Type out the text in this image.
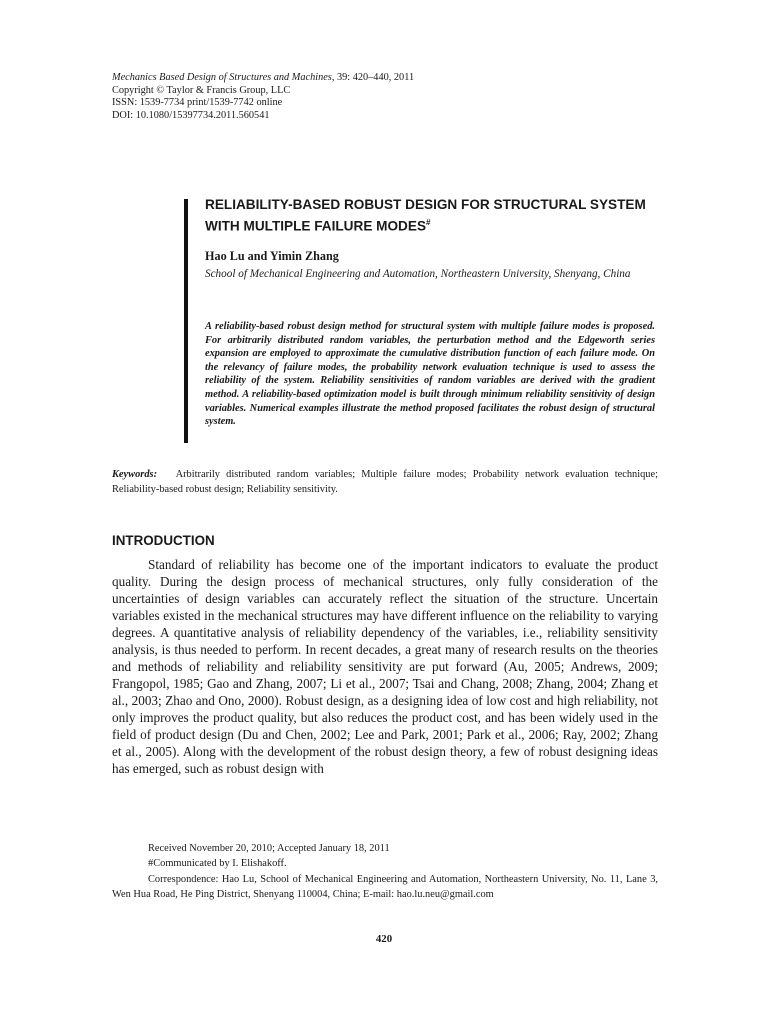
Mechanics Based Design of Structures and Machines, 39: 420–440, 2011
Copyright © Taylor & Francis Group, LLC
ISSN: 1539-7734 print/1539-7742 online
DOI: 10.1080/15397734.2011.560541
RELIABILITY-BASED ROBUST DESIGN FOR STRUCTURAL SYSTEM WITH MULTIPLE FAILURE MODES#
Hao Lu and Yimin Zhang
School of Mechanical Engineering and Automation, Northeastern University, Shenyang, China
A reliability-based robust design method for structural system with multiple failure modes is proposed. For arbitrarily distributed random variables, the perturbation method and the Edgeworth series expansion are employed to approximate the cumulative distribution function of each failure mode. On the relevancy of failure modes, the probability network evaluation technique is used to assess the reliability of the system. Reliability sensitivities of random variables are derived with the gradient method. A reliability-based optimization model is built through minimum reliability sensitivity of design variables. Numerical examples illustrate the method proposed facilitates the robust design of structural system.
Keywords: Arbitrarily distributed random variables; Multiple failure modes; Probability network evaluation technique; Reliability-based robust design; Reliability sensitivity.
INTRODUCTION

Standard of reliability has become one of the important indicators to evaluate the product quality. During the design process of mechanical structures, only fully consideration of the uncertainties of design variables can accurately reflect the situation of the structure. Uncertain variables existed in the mechanical structures may have different influence on the reliability to varying degrees. A quantitative analysis of reliability dependency of the variables, i.e., reliability sensitivity analysis, is thus needed to perform. In recent decades, a great many of research results on the theories and methods of reliability and reliability sensitivity are put forward (Au, 2005; Andrews, 2009; Frangopol, 1985; Gao and Zhang, 2007; Li et al., 2007; Tsai and Chang, 2008; Zhang, 2004; Zhang et al., 2003; Zhao and Ono, 2000). Robust design, as a designing idea of low cost and high reliability, not only improves the product quality, but also reduces the product cost, and has been widely used in the field of product design (Du and Chen, 2002; Lee and Park, 2001; Park et al., 2006; Ray, 2002; Zhang et al., 2005). Along with the development of the robust design theory, a few of robust designing ideas has emerged, such as robust design with

Received November 20, 2010; Accepted January 18, 2011
#Communicated by I. Elishakoff.
Correspondence: Hao Lu, School of Mechanical Engineering and Automation, Northeastern University, No. 11, Lane 3, Wen Hua Road, He Ping District, Shenyang 110004, China; E-mail: hao.lu.neu@gmail.com
420
